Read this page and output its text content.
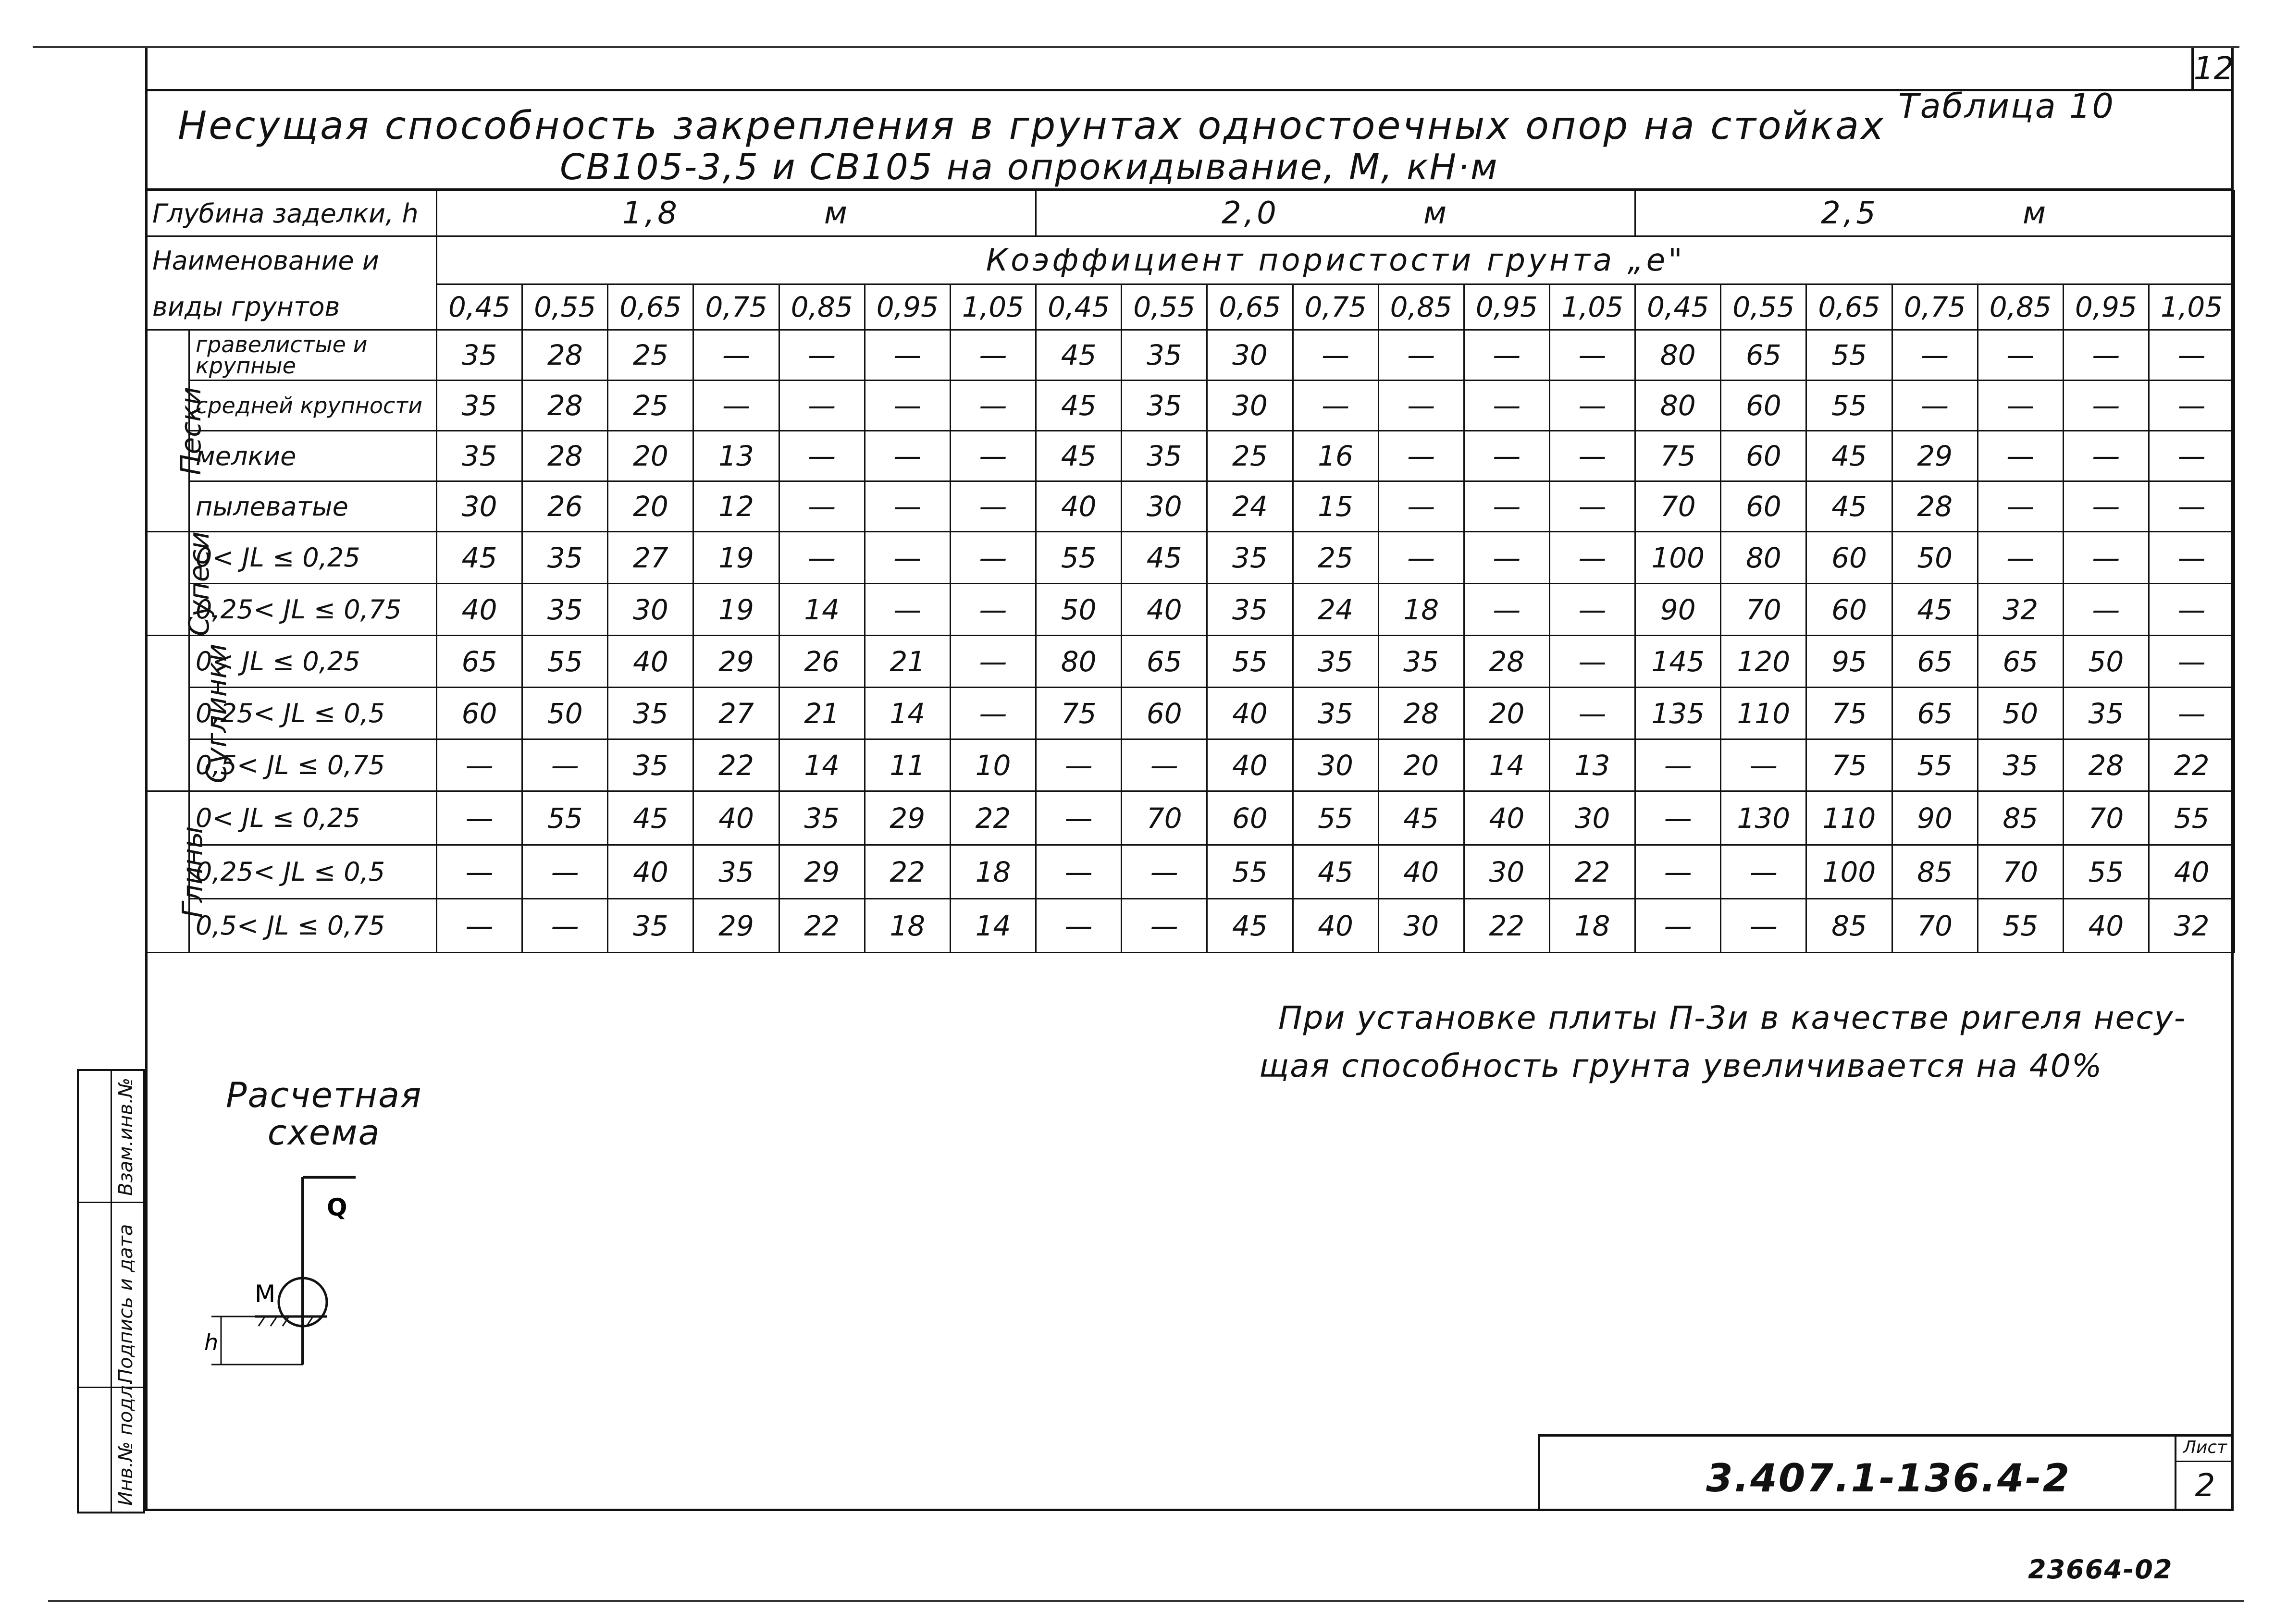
12
Несущая способность закрепления в грунтах одностоечных опор на стойках
СВ105-3,5 и СВ105 на опрокидывание, М, кН·м
Таблица 10
Глубина заделки, h		1,8 м							2,0 м							2,5 м						
Наименование и		Коэффициент пористости грунта „e"																				
виды грунтов		0,45	0,55	0,65	0,75	0,85	0,95	1,05	0,45	0,55	0,65	0,75	0,85	0,95	1,05	0,45	0,55	0,65	0,75	0,85	0,95	1,05
Пески	гравелистые и крупные	35	28	25	—	—	—	—	45	35	30	—	—	—	—	80	65	55	—	—	—	—
	средней крупности	35	28	25	—	—	—	—	45	35	30	—	—	—	—	80	60	55	—	—	—	—
	мелкие	35	28	20	13	—	—	—	45	35	25	16	—	—	—	75	60	45	29	—	—	—
	пылеватые	30	26	20	12	—	—	—	40	30	24	15	—	—	—	70	60	45	28	—	—	—
Супеси	0< JL ≤ 0,25	45	35	27	19	—	—	—	55	45	35	25	—	—	—	100	80	60	50	—	—	—
	0,25< JL ≤ 0,75	40	35	30	19	14	—	—	50	40	35	24	18	—	—	90	70	60	45	32	—	—
Суглинки	0< JL ≤ 0,25	65	55	40	29	26	21	—	80	65	55	35	35	28	—	145	120	95	65	65	50	—
	0,25< JL ≤ 0,5	60	50	35	27	21	14	—	75	60	40	35	28	20	—	135	110	75	65	50	35	—
	0,5< JL ≤ 0,75	—	—	35	22	14	11	10	—	—	40	30	20	14	13	—	—	75	55	35	28	22
Глины	0< JL ≤ 0,25	—	55	45	40	35	29	22	—	70	60	55	45	40	30	—	130	110	90	85	70	55
	0,25< JL ≤ 0,5	—	—	40	35	29	22	18	—	—	55	45	40	30	22	—	—	100	85	70	55	40
	0,5< JL ≤ 0,75	—	—	35	29	22	18	14	—	—	45	40	30	22	18	—	—	85	70	55	40	32
При установке плиты П-3и в качестве ригеля несу-
щая способность грунта увеличивается на 40%
Расчетная
схема
Q
M
h
Взам.инв.№
Подпись и дата
Инв.№ подл.	3.407.1-136.4-2
Лист
2
23664-02
